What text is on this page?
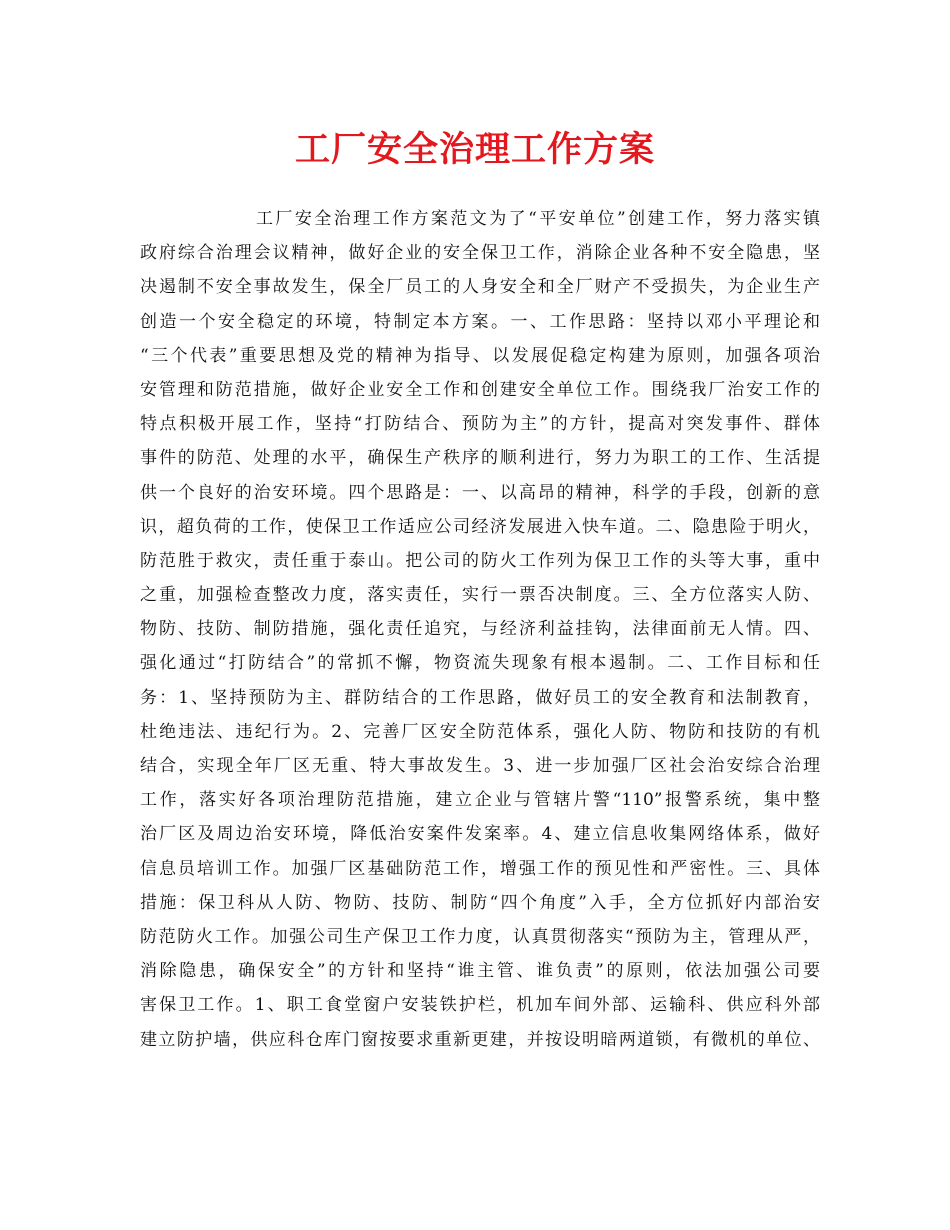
工厂安全治理工作方案
工厂安全治理工作方案范文为了“平安单位”创建工作，努力落实镇
政府综合治理会议精神，做好企业的安全保卫工作，消除企业各种不安全隐患，坚
决遏制不安全事故发生，保全厂员工的人身安全和全厂财产不受损失，为企业生产
创造一个安全稳定的环境，特制定本方案。一、工作思路：坚持以邓小平理论和
“三个代表”重要思想及党的精神为指导、以发展促稳定构建为原则，加强各项治
安管理和防范措施，做好企业安全工作和创建安全单位工作。围绕我厂治安工作的
特点积极开展工作，坚持“打防结合、预防为主”的方针，提高对突发事件、群体
事件的防范、处理的水平，确保生产秩序的顺利进行，努力为职工的工作、生活提
供一个良好的治安环境。四个思路是：一、以高昂的精神，科学的手段，创新的意
识，超负荷的工作，使保卫工作适应公司经济发展进入快车道。二、隐患险于明火，
防范胜于救灾，责任重于泰山。把公司的防火工作列为保卫工作的头等大事，重中
之重，加强检查整改力度，落实责任，实行一票否决制度。三、全方位落实人防、
物防、技防、制防措施，强化责任追究，与经济利益挂钩，法律面前无人情。四、
强化通过“打防结合”的常抓不懈，物资流失现象有根本遏制。二、工作目标和任
务：1、坚持预防为主、群防结合的工作思路，做好员工的安全教育和法制教育，
杜绝违法、违纪行为。2、完善厂区安全防范体系，强化人防、物防和技防的有机
结合，实现全年厂区无重、特大事故发生。3、进一步加强厂区社会治安综合治理
工作，落实好各项治理防范措施，建立企业与管辖片警“110”报警系统，集中整
治厂区及周边治安环境，降低治安案件发案率。4、建立信息收集网络体系，做好
信息员培训工作。加强厂区基础防范工作，增强工作的预见性和严密性。三、具体
措施：保卫科从人防、物防、技防、制防“四个角度”入手，全方位抓好内部治安
防范防火工作。加强公司生产保卫工作力度，认真贯彻落实“预防为主，管理从严，
消除隐患，确保安全”的方针和坚持“谁主管、谁负责”的原则，依法加强公司要
害保卫工作。1、职工食堂窗户安装铁护栏，机加车间外部、运输科、供应科外部
建立防护墙，供应科仓库门窗按要求重新更建，并按设明暗两道锁，有微机的单位、
